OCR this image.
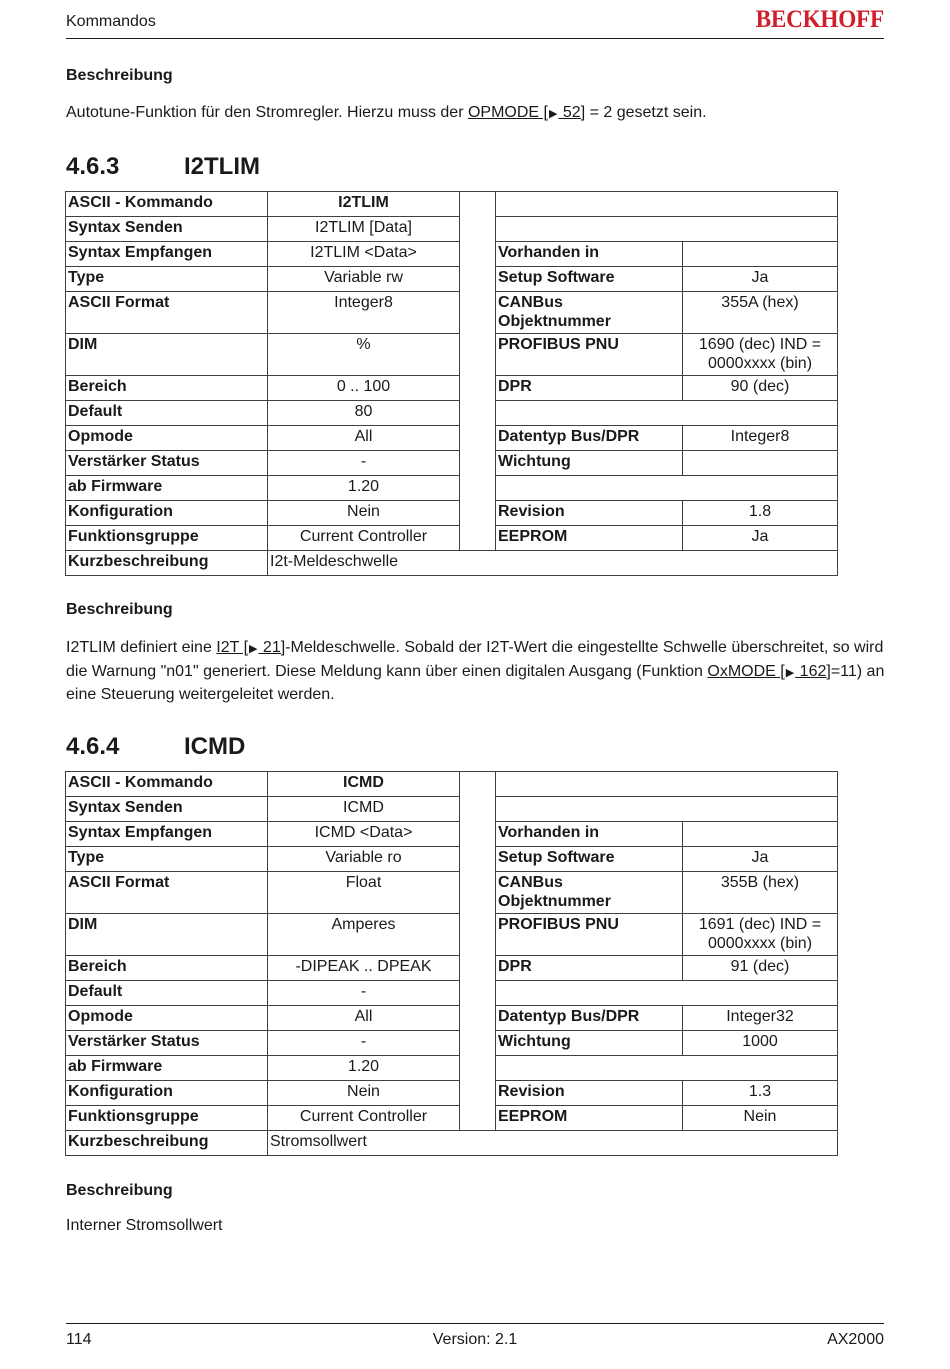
Kommandos	BECKHOFF
Beschreibung
Autotune-Funktion für den Stromregler. Hierzu muss der OPMODE [▶ 52] = 2 gesetzt sein.
4.6.3	I2TLIM
ASCII - Kommando	I2TLIM			
Syntax Senden	I2TLIM [Data]			
Syntax Empfangen	I2TLIM <Data>		Vorhanden in	
Type	Variable rw		Setup Software	Ja
ASCII Format	Integer8		CANBus Objektnummer	355A (hex)
DIM	%		PROFIBUS PNU	1690 (dec) IND = 0000xxxx (bin)
Bereich	0 .. 100		DPR	90 (dec)
Default	80			
Opmode	All		Datentyp Bus/DPR	Integer8
Verstärker Status	-		Wichtung	
ab Firmware	1.20			
Konfiguration	Nein		Revision	1.8
Funktionsgruppe	Current Controller		EEPROM	Ja
Kurzbeschreibung	I2t-Meldeschwelle			
Beschreibung
I2TLIM definiert eine I2T [▶ 21]-Meldeschwelle. Sobald der I2T-Wert die eingestellte Schwelle überschreitet, so wird die Warnung "n01" generiert. Diese Meldung kann über einen digitalen Ausgang (Funktion OxMODE [▶ 162]=11) an eine Steuerung weitergeleitet werden.
4.6.4	ICMD
ASCII - Kommando	ICMD			
Syntax Senden	ICMD			
Syntax Empfangen	ICMD <Data>		Vorhanden in	
Type	Variable ro		Setup Software	Ja
ASCII Format	Float		CANBus Objektnummer	355B (hex)
DIM	Amperes		PROFIBUS PNU	1691 (dec) IND = 0000xxxx (bin)
Bereich	-DIPEAK .. DPEAK		DPR	91 (dec)
Default	-			
Opmode	All		Datentyp Bus/DPR	Integer32
Verstärker Status	-		Wichtung	1000
ab Firmware	1.20			
Konfiguration	Nein		Revision	1.3
Funktionsgruppe	Current Controller		EEPROM	Nein
Kurzbeschreibung	Stromsollwert			
Beschreibung
Interner Stromsollwert
114	Version: 2.1	AX2000
